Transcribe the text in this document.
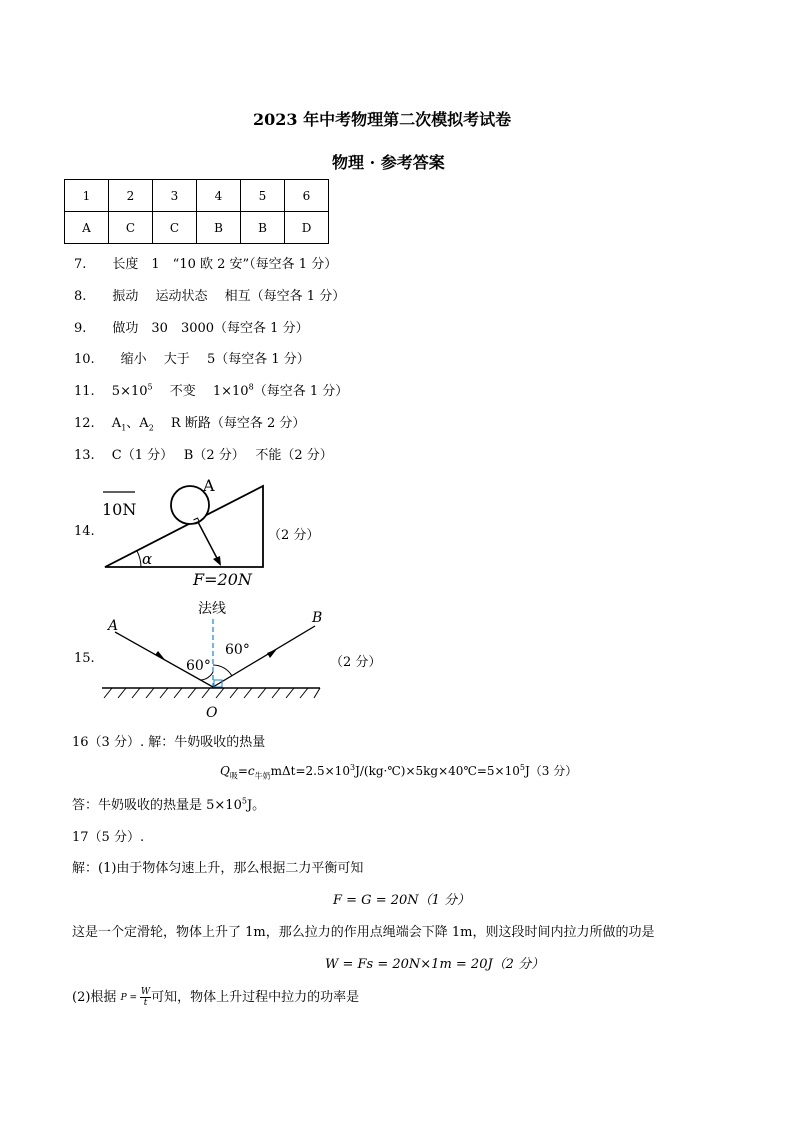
2023 年中考物理第二次模拟考试卷
物理 · 参考答案
1	2	3	4	5	6
A	C	C	B	B	D
7.　　长度　1　“10 欧 2 安”（每空各 1 分）
8.　　振动　 运动状态　 相互（每空各 1 分）
9.　　做功　30　3000（每空各 1 分）
10.　　缩小　 大于　 5（每空各 1 分）
11.　 $5\times 10^5$　 不变　 $1\times 10^8$（每空各 1 分）
12.　 $A_1$、$A_2$　 R 断路（每空各 2 分）
13.　 C（1 分）　 B（2 分）　 不能（2 分）
14.	（2 分）
10N
A
α
F=20N
15.	（2 分）
法线
A	B
60°
60°
O
16（3 分）. 解：牛奶吸收的热量
$Q_吸=c_{牛奶}m\Delta t=2.5\times 10^3J/(kg\cdot℃)\times 5kg\times 40℃=5\times 10^5J(3$ 分）
答：牛奶吸收的热量是 $5\times 10^5J$。
17（5 分）.
解：(1)由于物体匀速上升，那么根据二力平衡可知
F = G = 20N（1 分）
这是一个定滑轮，物体上升了 1m，那么拉力的作用点绳端会下降 1m，则这段时间内拉力所做的功是
W = Fs = 20N×1m = 20J（2 分）
(2)根据 $P = \frac{W}{t}$ 可知，物体上升过程中拉力的功率是
